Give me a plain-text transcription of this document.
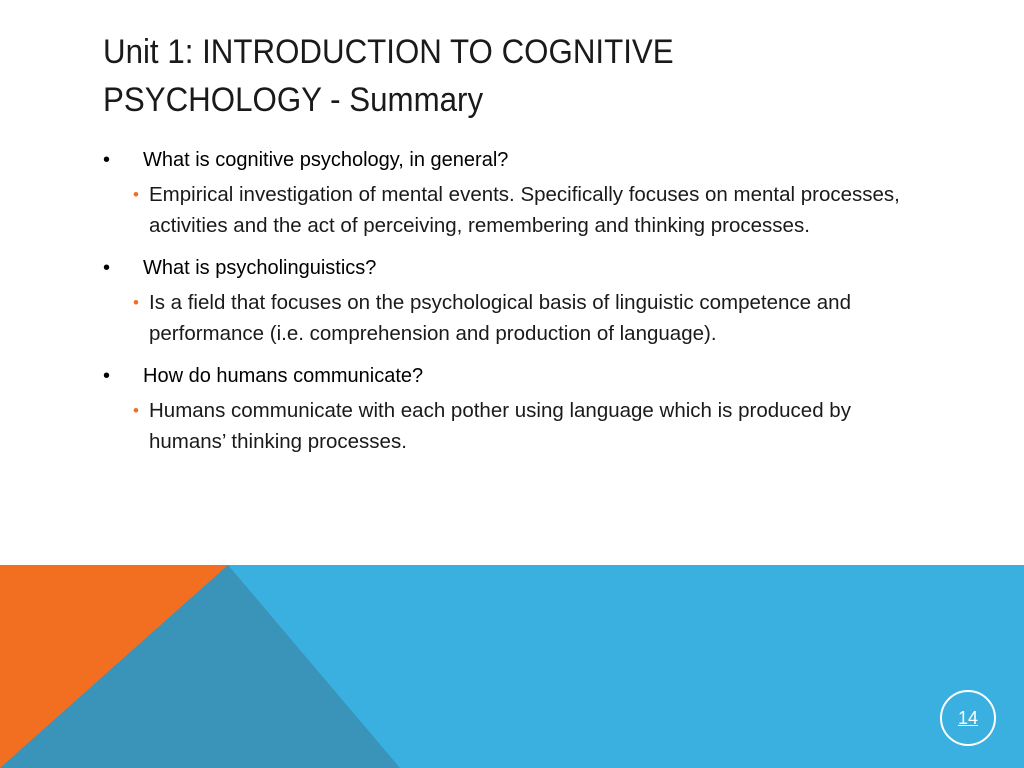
Unit 1: INTRODUCTION TO COGNITIVE PSYCHOLOGY - Summary
• What is cognitive psychology, in general?
• Empirical investigation of mental events. Specifically focuses on mental processes, activities and the act of perceiving, remembering and thinking processes.
• What is psycholinguistics?
• Is a field that focuses on the psychological basis of linguistic competence and performance (i.e. comprehension and production of language).
• How do humans communicate?
• Humans communicate with each pother using language which is produced by humans’ thinking processes.
14
